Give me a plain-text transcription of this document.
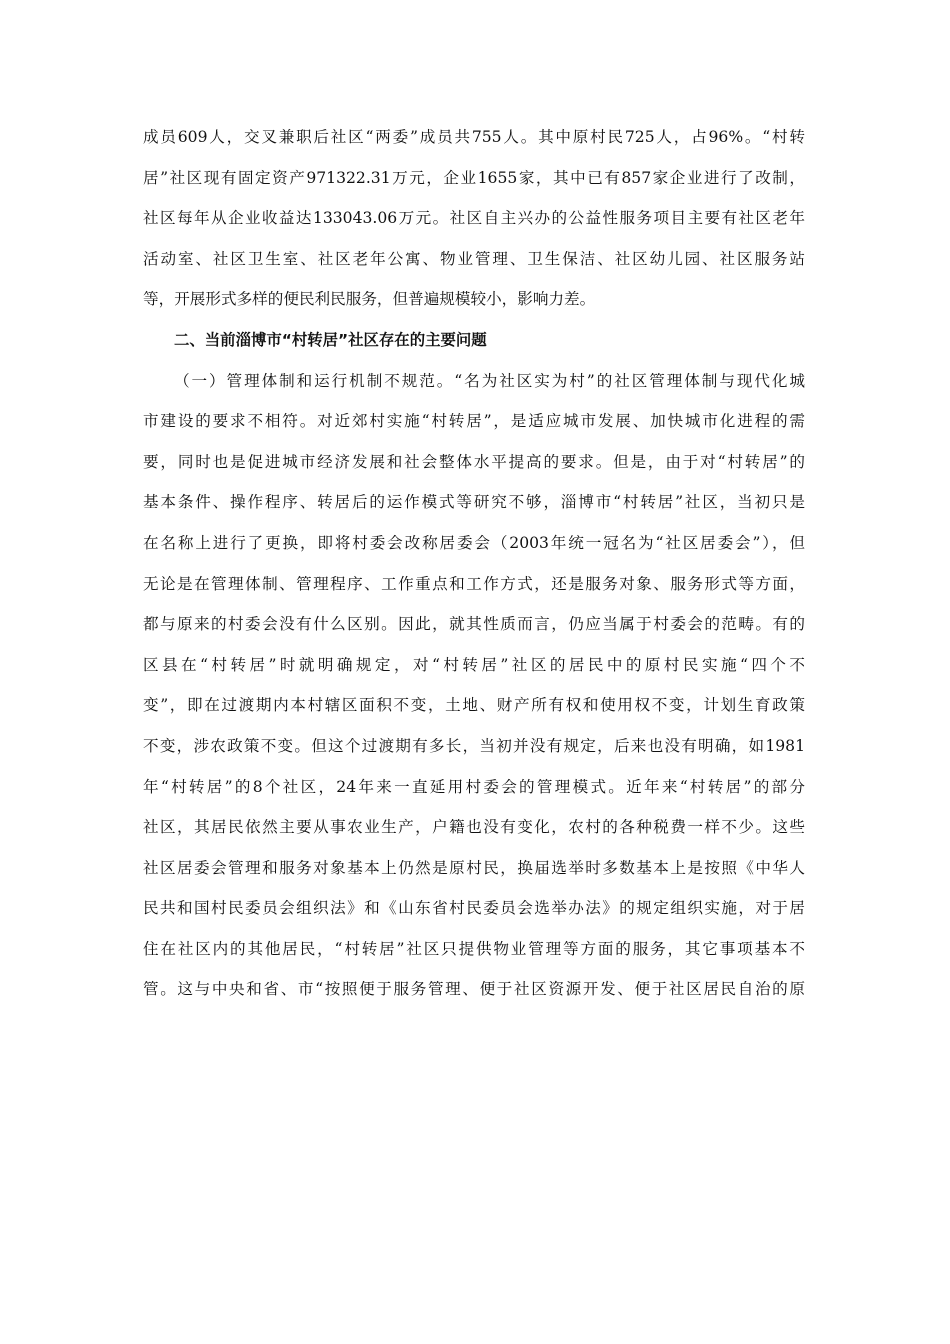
成员609人，交叉兼职后社区“两委”成员共755人。其中原村民725人，占96%。“村转
居”社区现有固定资产971322.31万元，企业1655家，其中已有857家企业进行了改制，
社区每年从企业收益达133043.06万元。社区自主兴办的公益性服务项目主要有社区老年
活动室、社区卫生室、社区老年公寓、物业管理、卫生保洁、社区幼儿园、社区服务站
等，开展形式多样的便民利民服务，但普遍规模较小，影响力差。
二、当前淄博市“村转居”社区存在的主要问题
（一）管理体制和运行机制不规范。“名为社区实为村”的社区管理体制与现代化城
市建设的要求不相符。对近郊村实施“村转居”，是适应城市发展、加快城市化进程的需
要，同时也是促进城市经济发展和社会整体水平提高的要求。但是，由于对“村转居”的
基本条件、操作程序、转居后的运作模式等研究不够，淄博市“村转居”社区，当初只是
在名称上进行了更换，即将村委会改称居委会（2003年统一冠名为“社区居委会”），但
无论是在管理体制、管理程序、工作重点和工作方式，还是服务对象、服务形式等方面，
都与原来的村委会没有什么区别。因此，就其性质而言，仍应当属于村委会的范畴。有的
区县在“村转居”时就明确规定，对“村转居”社区的居民中的原村民实施“四个不
变”，即在过渡期内本村辖区面积不变，土地、财产所有权和使用权不变，计划生育政策
不变，涉农政策不变。但这个过渡期有多长，当初并没有规定，后来也没有明确，如1981
年“村转居”的8个社区，24年来一直延用村委会的管理模式。近年来“村转居”的部分
社区，其居民依然主要从事农业生产，户籍也没有变化，农村的各种税费一样不少。这些
社区居委会管理和服务对象基本上仍然是原村民，换届选举时多数基本上是按照《中华人
民共和国村民委员会组织法》和《山东省村民委员会选举办法》的规定组织实施，对于居
住在社区内的其他居民，“村转居”社区只提供物业管理等方面的服务，其它事项基本不
管。这与中央和省、市“按照便于服务管理、便于社区资源开发、便于社区居民自治的原
